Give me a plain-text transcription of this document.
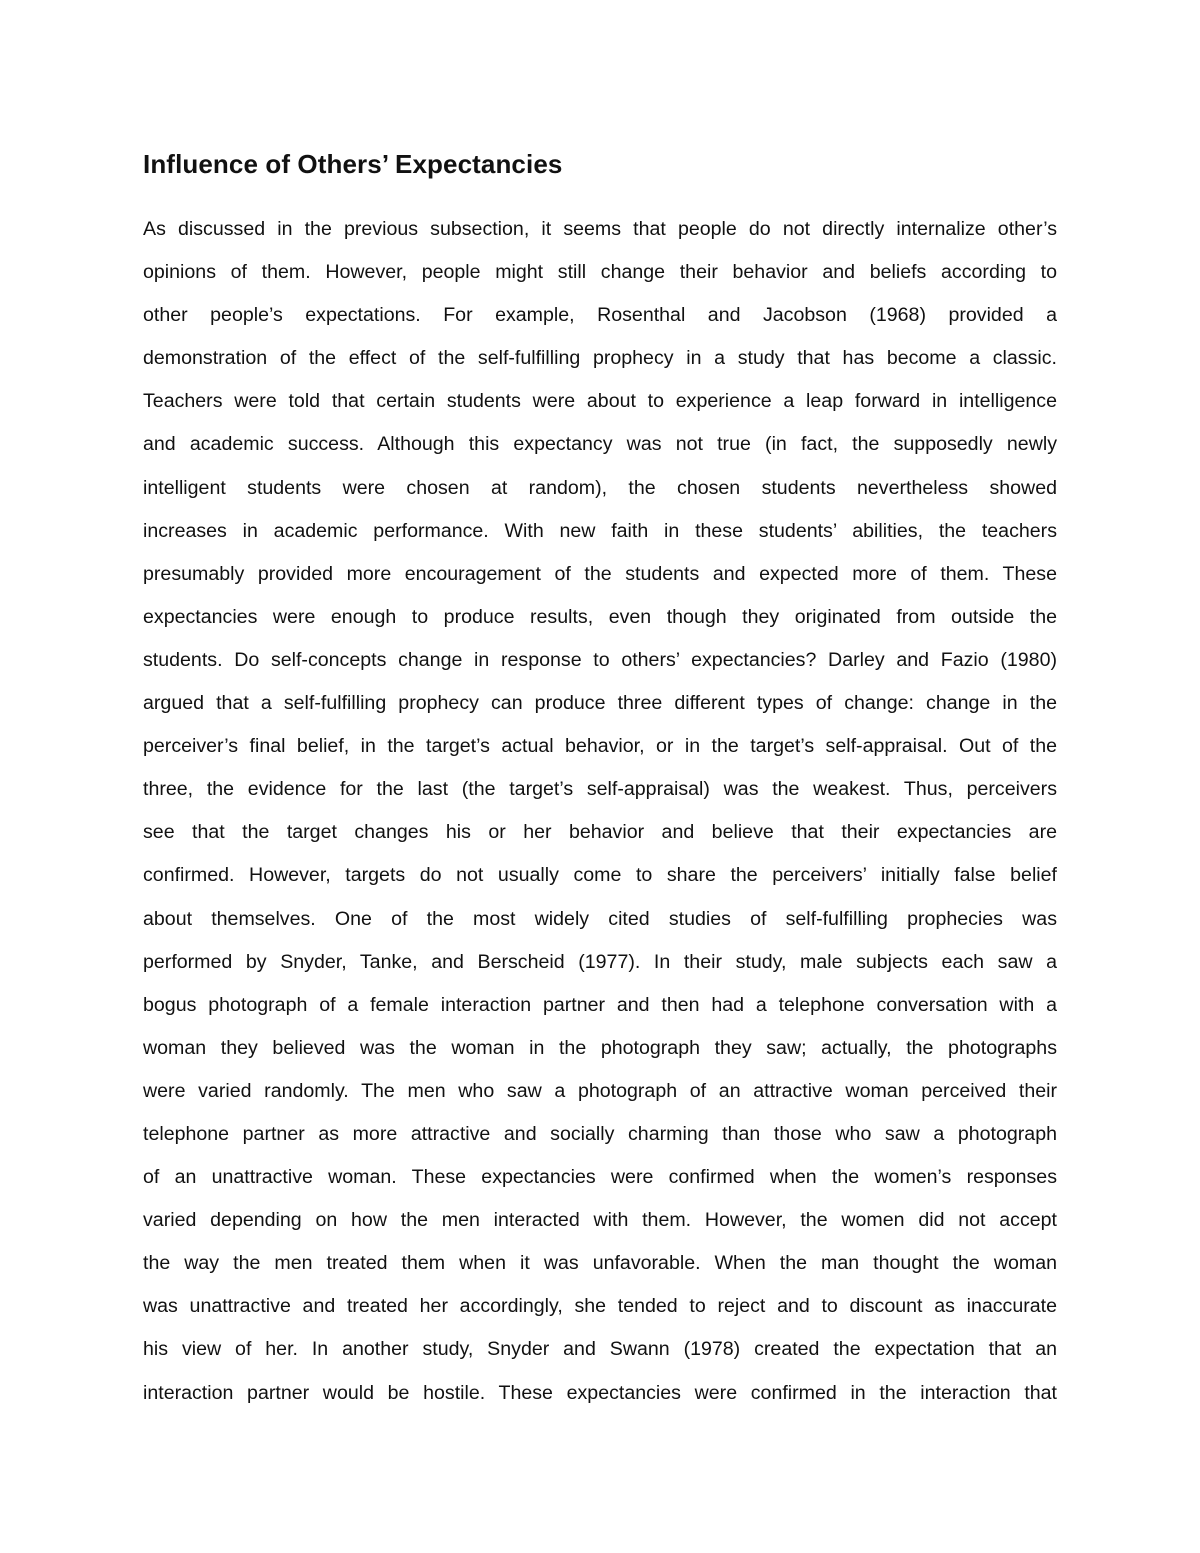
Influence of Others’ Expectancies
As discussed in the previous subsection, it seems that people do not directly internalize other’s
opinions of them. However, people might still change their behavior and beliefs according to
other people’s expectations. For example, Rosenthal and Jacobson (1968) provided a
demonstration of the effect of the self-fulfilling prophecy in a study that has become a classic.
Teachers were told that certain students were about to experience a leap forward in intelligence
and academic success. Although this expectancy was not true (in fact, the supposedly newly
intelligent students were chosen at random), the chosen students nevertheless showed
increases in academic performance. With new faith in these students’ abilities, the teachers
presumably provided more encouragement of the students and expected more of them. These
expectancies were enough to produce results, even though they originated from outside the
students. Do self-concepts change in response to others’ expectancies? Darley and Fazio (1980)
argued that a self-fulfilling prophecy can produce three different types of change: change in the
perceiver’s final belief, in the target’s actual behavior, or in the target’s self-appraisal. Out of the
three, the evidence for the last (the target’s self-appraisal) was the weakest. Thus, perceivers
see that the target changes his or her behavior and believe that their expectancies are
confirmed. However, targets do not usually come to share the perceivers’ initially false belief
about themselves. One of the most widely cited studies of self-fulfilling prophecies was
performed by Snyder, Tanke, and Berscheid (1977). In their study, male subjects each saw a
bogus photograph of a female interaction partner and then had a telephone conversation with a
woman they believed was the woman in the photograph they saw; actually, the photographs
were varied randomly. The men who saw a photograph of an attractive woman perceived their
telephone partner as more attractive and socially charming than those who saw a photograph
of an unattractive woman. These expectancies were confirmed when the women’s responses
varied depending on how the men interacted with them. However, the women did not accept
the way the men treated them when it was unfavorable. When the man thought the woman
was unattractive and treated her accordingly, she tended to reject and to discount as inaccurate
his view of her. In another study, Snyder and Swann (1978) created the expectation that an
interaction partner would be hostile. These expectancies were confirmed in the interaction that
